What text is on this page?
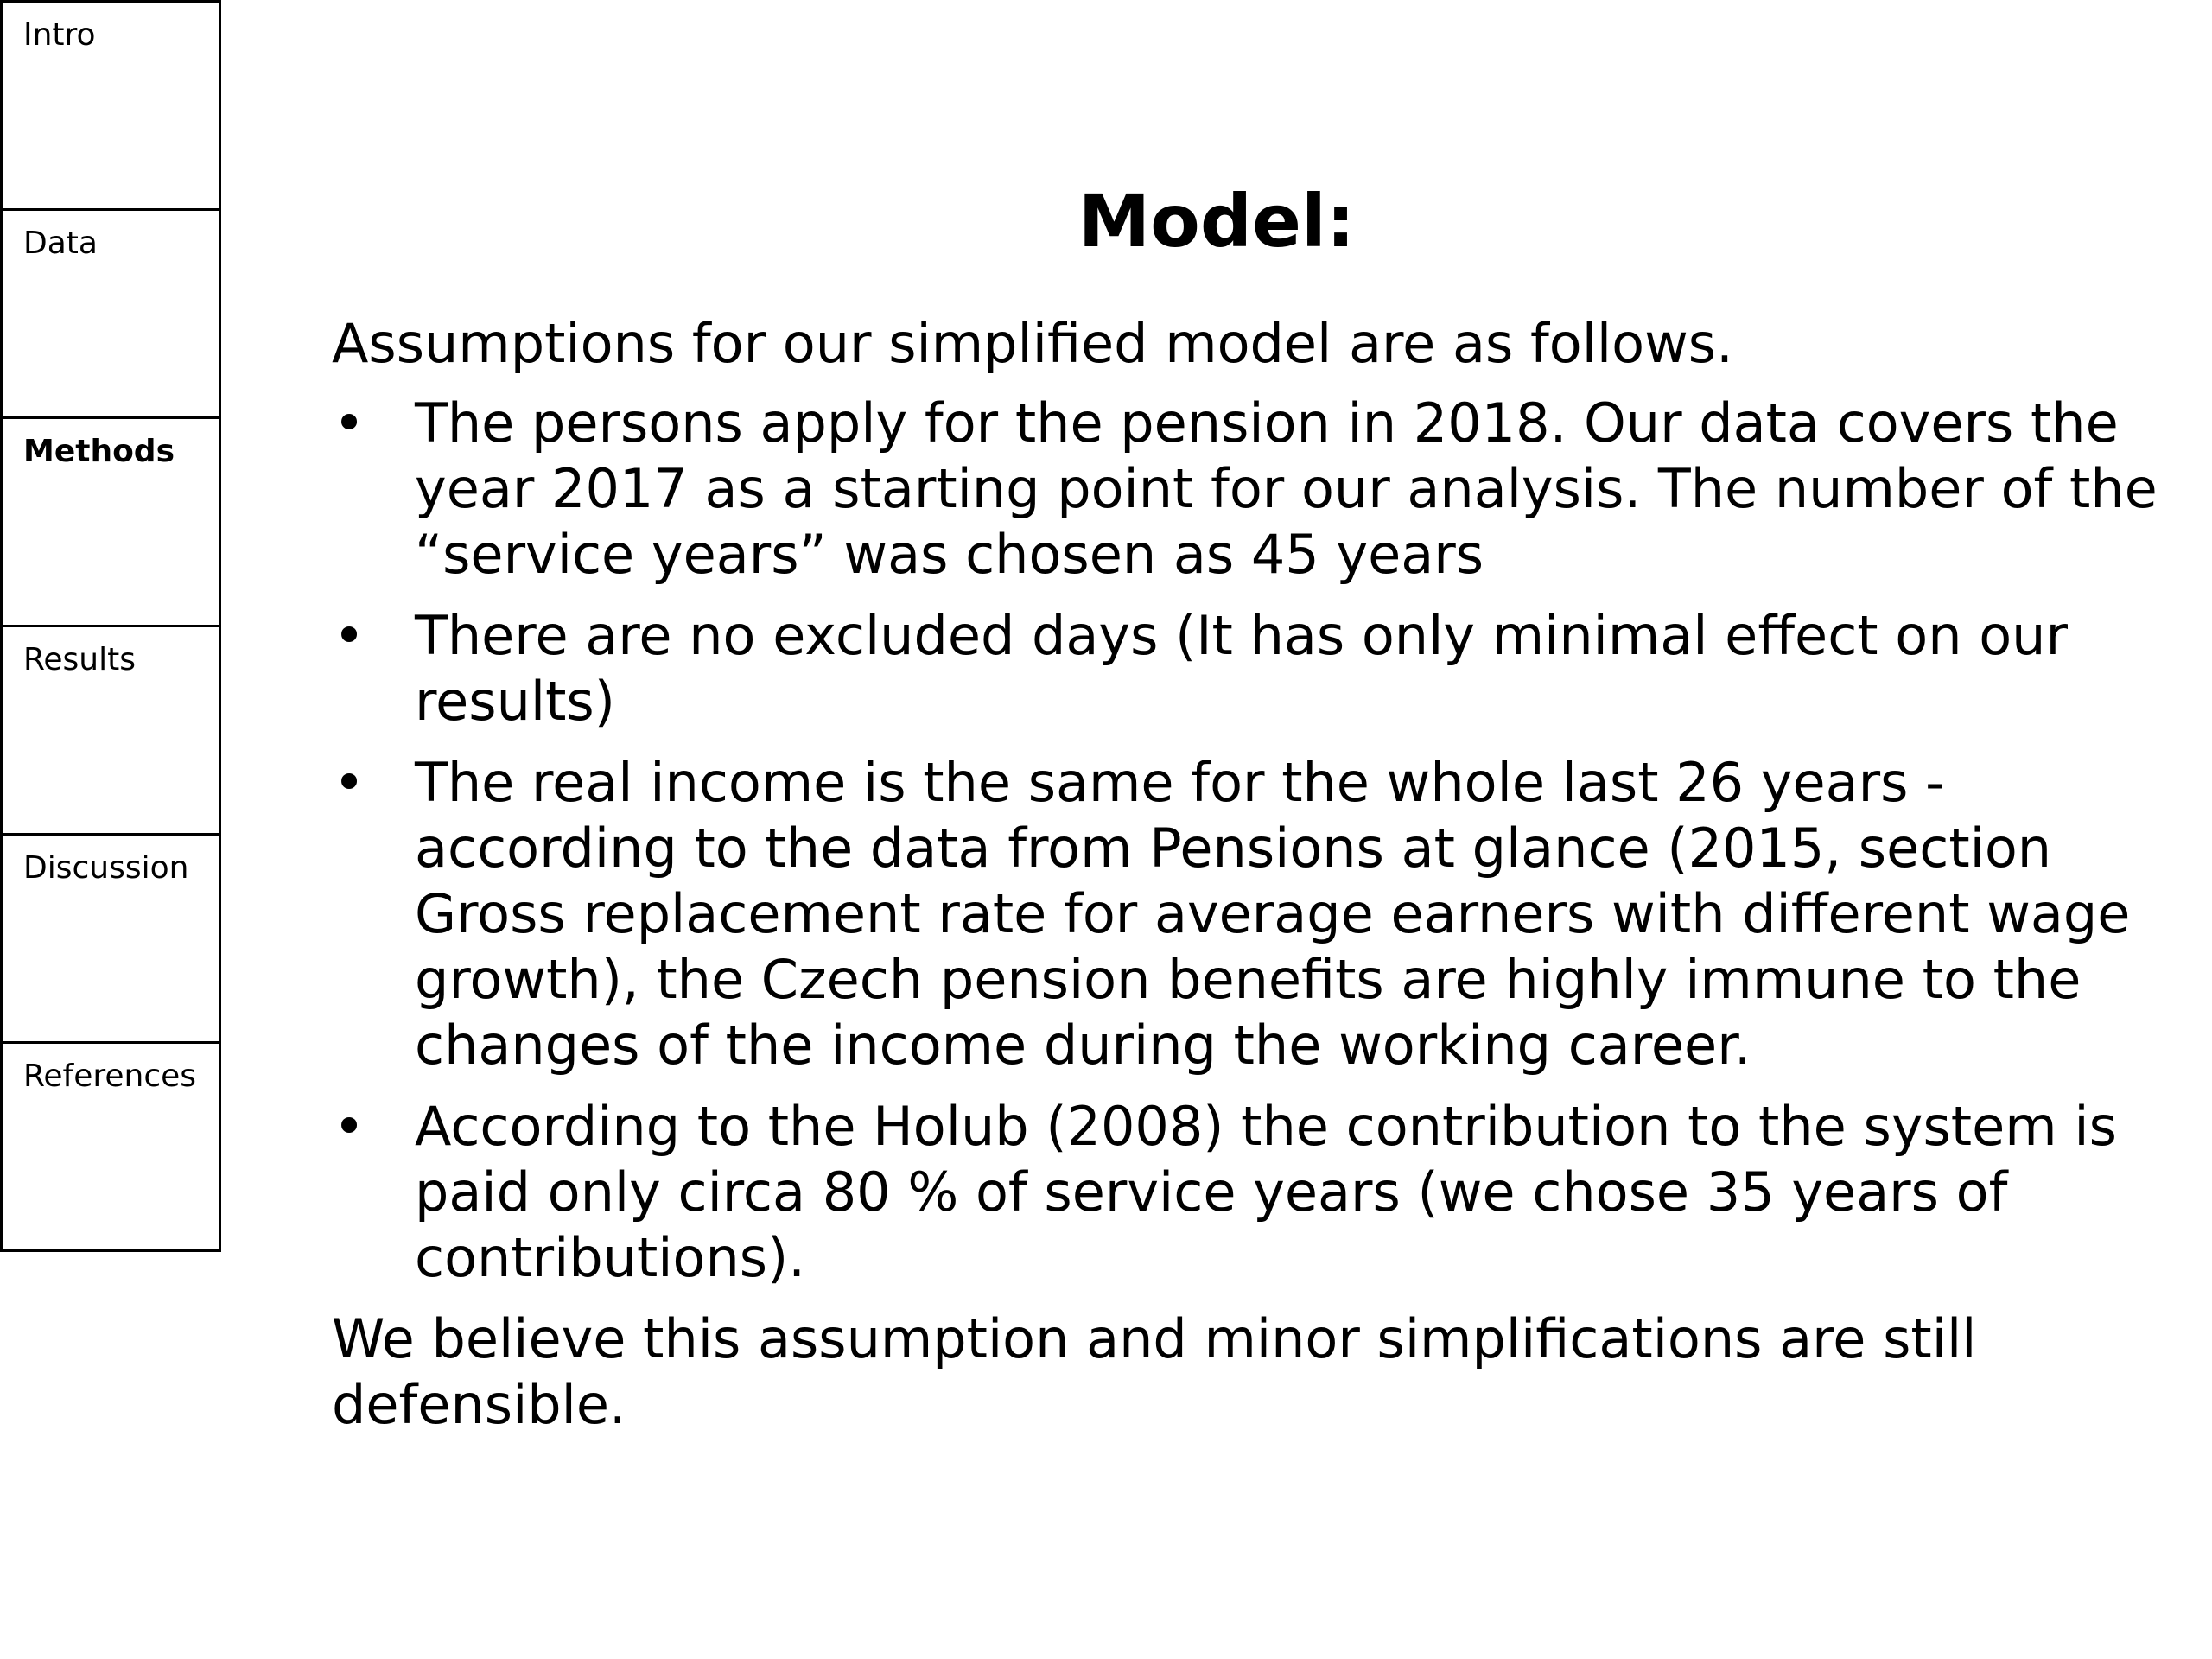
Intro
Data
Methods
Results
Discussion
References
Model:

Assumptions for our simplified model are as follows.

• The persons apply for the pension in 2018. Our data covers the year 2017 as a starting point for our analysis. The number of the “service years” was chosen as 45 years
• There are no excluded days (It has only minimal effect on our results)
• The real income is the same for the whole last 26 years - according to the data from Pensions at glance (2015, section Gross replacement rate for average earners with different wage growth), the Czech pension benefits are highly immune to the changes of the income during the working career.
• According to the Holub (2008) the contribution to the system is paid only circa 80 % of service years (we chose 35 years of contributions).

We believe this assumption and minor simplifications are still defensible.
